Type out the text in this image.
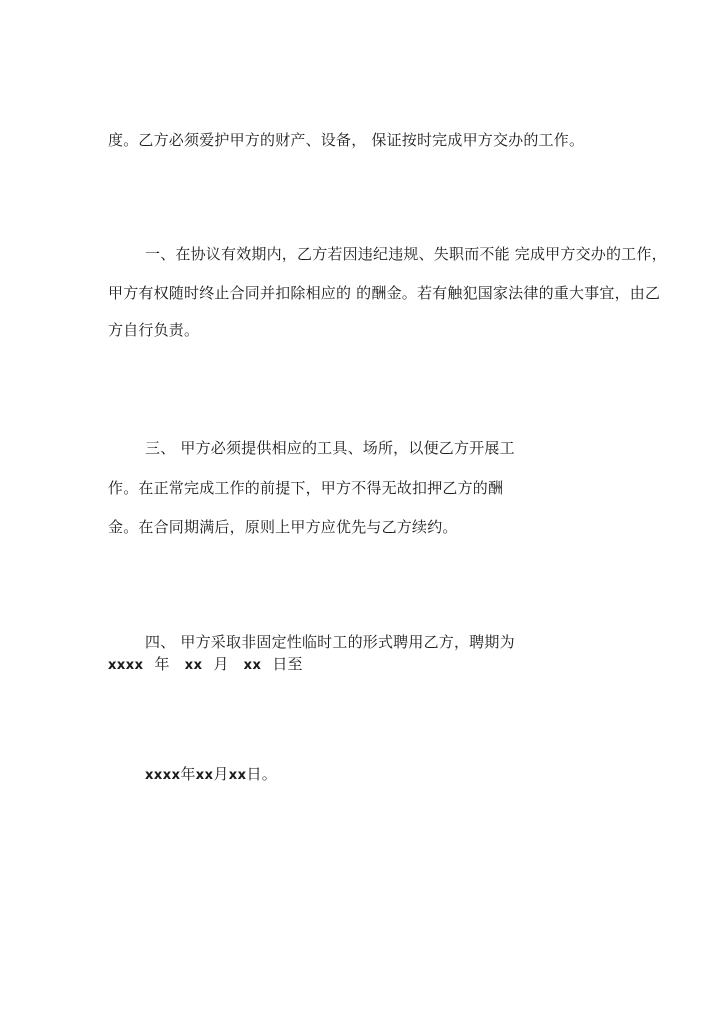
度。乙方必须爱护甲方的财产、设备， 保证按时完成甲方交办的工作。
一、在协议有效期内，乙方若因违纪违规、失职而不能 完成甲方交办的工作，
甲方有权随时终止合同并扣除相应的 的酬金。若有触犯国家法律的重大事宜，由乙
方自行负责。
三、 甲方必须提供相应的工具、场所，以便乙方开展工
作。在正常完成工作的前提下，甲方不得无故扣押乙方的酬
金。在合同期满后，原则上甲方应优先与乙方续约。
四、 甲方采取非固定性临时工的形式聘用乙方，聘期为
xxxx 年 xx 月 xx 日至
xxxx年xx月xx日。
